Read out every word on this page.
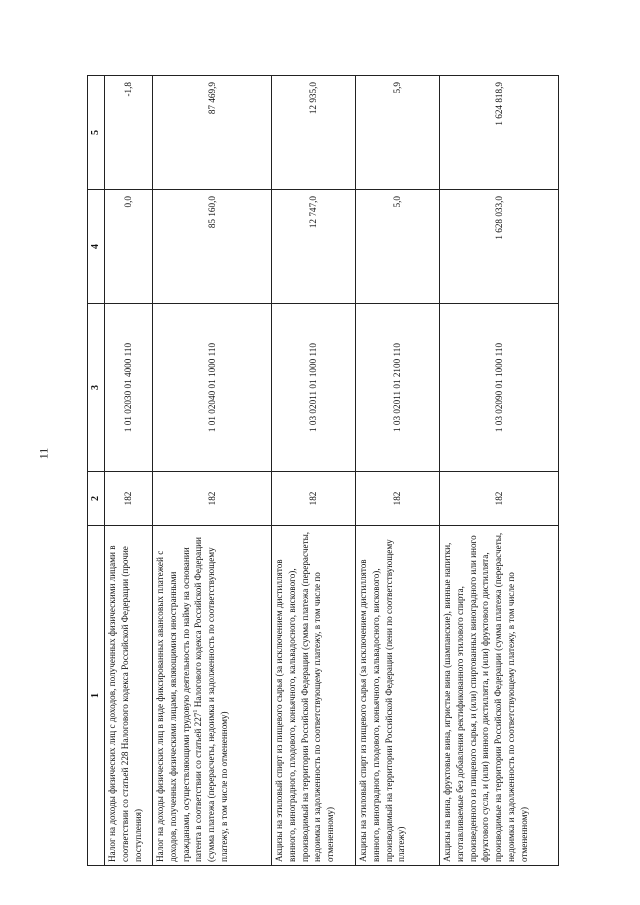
11
1	2	3	4	5
Налог на доходы физических лиц с доходов, полученных физическими лицами в соответствии со статьей 228 Налогового кодекса Российской Федерации (прочие поступления)	182	1 01 02030 01 4000 110	0,0	-1,8
Налог на доходы физических лиц в виде фиксированных авансовых платежей с доходов, полученных физическими лицами, являющимися иностранными гражданами, осуществляющими трудовую деятельность по найму на основании патента в соответствии со статьей $227^1$ Налогового кодекса Российской Федерации (сумма платежа (перерасчеты, недоимка и задолженность по соответствующему платежу, в том числе по отмененному)	182	1 01 02040 01 1000 110	85 160,0	87 469,9
Акцизы на этиловый спирт из пищевого сырья (за исключением дистиллятов винного, виноградного, плодового, коньячного, кальвадосного, вискового), производимый на территории Российской Федерации (сумма платежа (перерасчеты, недоимка и задолженность по соответствующему платежу, в том числе по отмененному)	182	1 03 02011 01 1000 110	12 747,0	12 935,0
Акцизы на этиловый спирт из пищевого сырья (за исключением дистиллятов винного, виноградного, плодового, коньячного, кальвадосного, вискового), производимый на территории Российской Федерации (пени по соответствующему платежу)	182	1 03 02011 01 2100 110	5,0	5,9
Акцизы на вина, фруктовые вина, игристые вина (шампанские), винные напитки, изготавливаемые без добавления ректификованного этилового спирта, произведенного из пищевого сырья, и (или) спиртованных виноградного или иного фруктового сусла, и (или) винного дистиллята, и (или) фруктового дистиллята, производимые на территории Российской Федерации (сумма платежа (перерасчеты, недоимка и задолженность по соответствующему платежу, в том числе по отмененному)	182	1 03 02090 01 1000 110	1 628 033,0	1 624 818,9
